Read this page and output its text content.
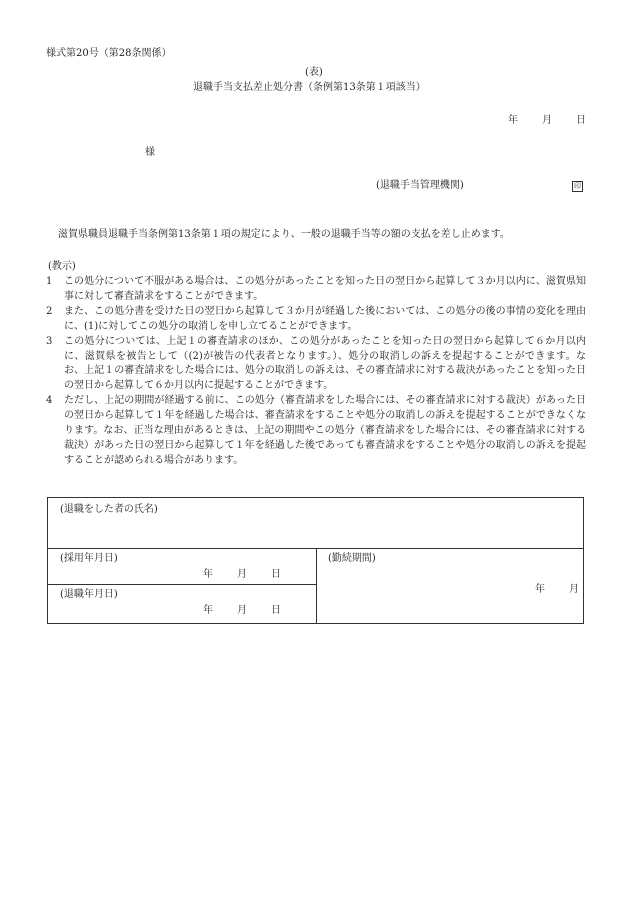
様式第20号（第28条関係）
(表)
退職手当支払差止処分書（条例第13条第１項該当）
年 月 日
様
(退職手当管理機関)	印
滋賀県職員退職手当条例第13条第１項の規定により、一般の退職手当等の額の支払を差し止めます。
(教示)
1	この処分について不服がある場合は、この処分があったことを知った日の翌日から起算して３か月以内に、滋賀県知事に対して審査請求をすることができます。
2	また、この処分書を受けた日の翌日から起算して３か月が経過した後においては、この処分の後の事情の変化を理由に、(1)に対してこの処分の取消しを申し立てることができます。
3	この処分については、上記１の審査請求のほか、この処分があったことを知った日の翌日から起算して６か月以内に、滋賀県を被告として（(2)が被告の代表者となります。）、処分の取消しの訴えを提起することができます。なお、上記１の審査請求をした場合には、処分の取消しの訴えは、その審査請求に対する裁決があったことを知った日の翌日から起算して６か月以内に提起することができます。
4	ただし、上記の期間が経過する前に、この処分（審査請求をした場合には、その審査請求に対する裁決）があった日の翌日から起算して１年を経過した場合は、審査請求をすることや処分の取消しの訴えを提起することができなくなります。なお、正当な理由があるときは、上記の期間やこの処分（審査請求をした場合には、その審査請求に対する裁決）があった日の翌日から起算して１年を経過した後であっても審査請求をすることや処分の取消しの訴えを提起することが認められる場合があります。
(退職をした者の氏名)
(採用年月日)
年 月 日
(退職年月日)
年 月 日
(勤続期間)
年 月
